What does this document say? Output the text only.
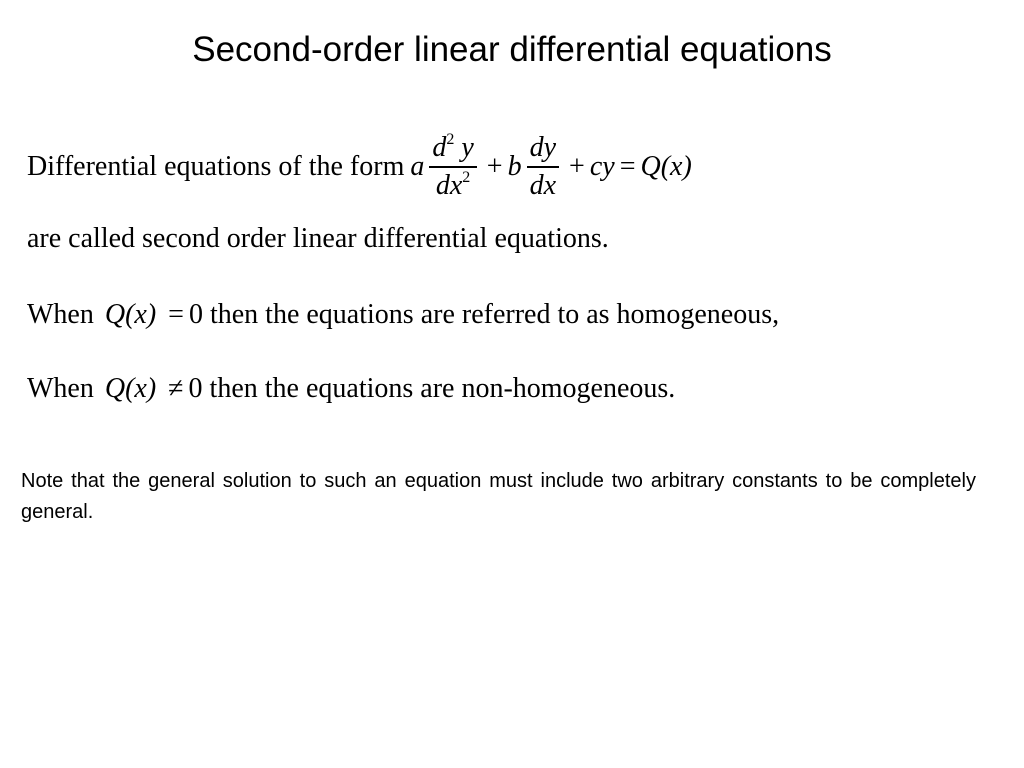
Second-order linear differential equations
Differential equations of the form a $\frac{d^2 y}{dx^2} + b \frac{dy}{dx}$ + cy = Q (x)
are called second order linear differential equations.
When Q(x) = 0 then the equations are referred to as homogeneous,
When Q(x) ≠ 0 then the equations are non-homogeneous.
Note that the general solution to such an equation must include two arbitrary constants to be completely general.
